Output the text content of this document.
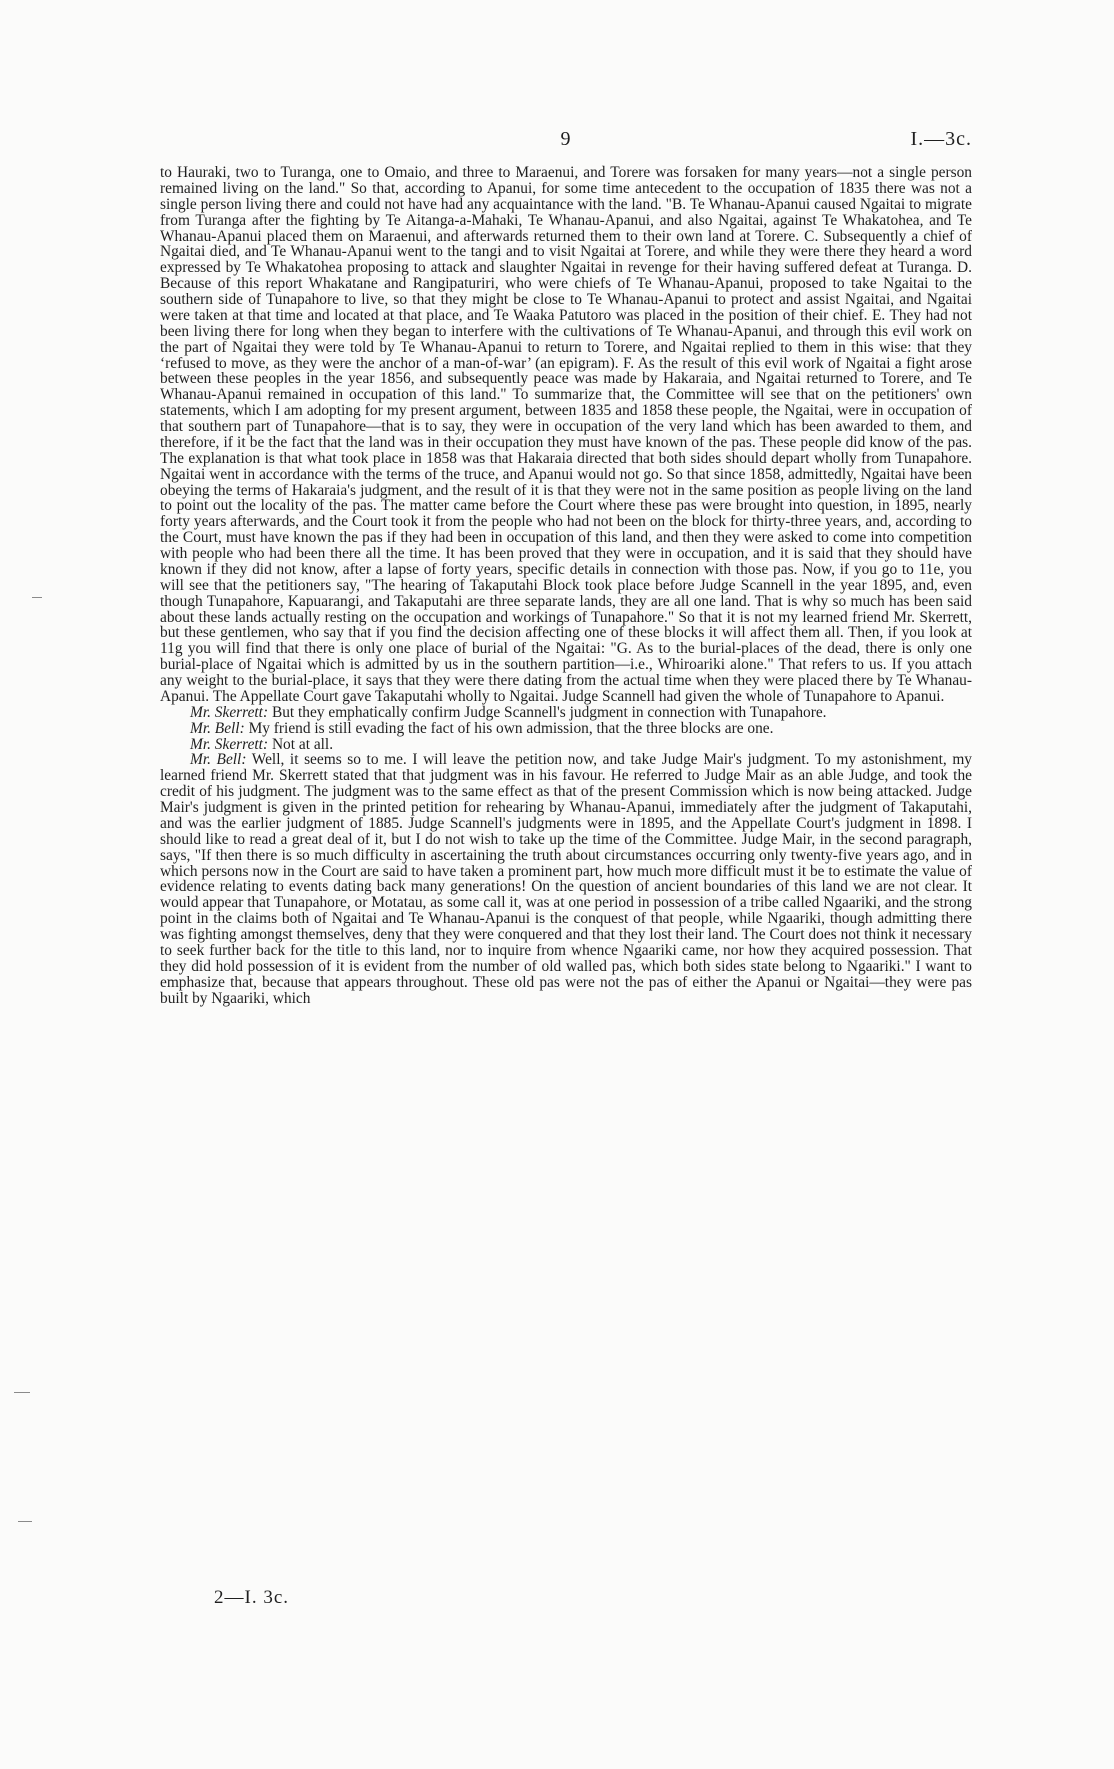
9	I.—3c.

to Hauraki, two to Turanga, one to Omaio, and three to Maraenui, and Torere was forsaken for many years—not a single person remained living on the land." So that, according to Apanui, for some time antecedent to the occupation of 1835 there was not a single person living there and could not have had any acquaintance with the land. "B. Te Whanau-Apanui caused Ngaitai to migrate from Turanga after the fighting by Te Aitanga-a-Mahaki, Te Whanau-Apanui, and also Ngaitai, against Te Whakatohea, and Te Whanau-Apanui placed them on Maraenui, and afterwards returned them to their own land at Torere. C. Subsequently a chief of Ngaitai died, and Te Whanau-Apanui went to the tangi and to visit Ngaitai at Torere, and while they were there they heard a word expressed by Te Whakatohea proposing to attack and slaughter Ngaitai in revenge for their having suffered defeat at Turanga. D. Because of this report Whakatane and Rangipaturiri, who were chiefs of Te Whanau-Apanui, proposed to take Ngaitai to the southern side of Tunapahore to live, so that they might be close to Te Whanau-Apanui to protect and assist Ngaitai, and Ngaitai were taken at that time and located at that place, and Te Waaka Patutoro was placed in the position of their chief. E. They had not been living there for long when they began to interfere with the cultivations of Te Whanau-Apanui, and through this evil work on the part of Ngaitai they were told by Te Whanau-Apanui to return to Torere, and Ngaitai replied to them in this wise: that they ‘refused to move, as they were the anchor of a man-of-war’ (an epigram). F. As the result of this evil work of Ngaitai a fight arose between these peoples in the year 1856, and subsequently peace was made by Hakaraia, and Ngaitai returned to Torere, and Te Whanau-Apanui remained in occupation of this land." To summarize that, the Committee will see that on the petitioners' own statements, which I am adopting for my present argument, between 1835 and 1858 these people, the Ngaitai, were in occupation of that southern part of Tunapahore—that is to say, they were in occupation of the very land which has been awarded to them, and therefore, if it be the fact that the land was in their occupation they must have known of the pas. These people did know of the pas. The explanation is that what took place in 1858 was that Hakaraia directed that both sides should depart wholly from Tunapahore. Ngaitai went in accordance with the terms of the truce, and Apanui would not go. So that since 1858, admittedly, Ngaitai have been obeying the terms of Hakaraia's judgment, and the result of it is that they were not in the same position as people living on the land to point out the locality of the pas. The matter came before the Court where these pas were brought into question, in 1895, nearly forty years afterwards, and the Court took it from the people who had not been on the block for thirty-three years, and, according to the Court, must have known the pas if they had been in occupation of this land, and then they were asked to come into competition with people who had been there all the time. It has been proved that they were in occupation, and it is said that they should have known if they did not know, after a lapse of forty years, specific details in connection with those pas. Now, if you go to 11e, you will see that the petitioners say, "The hearing of Takaputahi Block took place before Judge Scannell in the year 1895, and, even though Tunapahore, Kapuarangi, and Takaputahi are three separate lands, they are all one land. That is why so much has been said about these lands actually resting on the occupation and workings of Tunapahore." So that it is not my learned friend Mr. Skerrett, but these gentlemen, who say that if you find the decision affecting one of these blocks it will affect them all. Then, if you look at 11g you will find that there is only one place of burial of the Ngaitai: "G. As to the burial-places of the dead, there is only one burial-place of Ngaitai which is admitted by us in the southern partition—i.e., Whiroariki alone." That refers to us. If you attach any weight to the burial-place, it says that they were there dating from the actual time when they were placed there by Te Whanau-Apanui. The Appellate Court gave Takaputahi wholly to Ngaitai. Judge Scannell had given the whole of Tunapahore to Apanui.

Mr. Skerrett: But they emphatically confirm Judge Scannell's judgment in connection with Tunapahore.

Mr. Bell: My friend is still evading the fact of his own admission, that the three blocks are one.

Mr. Skerrett: Not at all.

Mr. Bell: Well, it seems so to me. I will leave the petition now, and take Judge Mair's judgment. To my astonishment, my learned friend Mr. Skerrett stated that that judgment was in his favour. He referred to Judge Mair as an able Judge, and took the credit of his judgment. The judgment was to the same effect as that of the present Commission which is now being attacked. Judge Mair's judgment is given in the printed petition for rehearing by Whanau-Apanui, immediately after the judgment of Takaputahi, and was the earlier judgment of 1885. Judge Scannell's judgments were in 1895, and the Appellate Court's judgment in 1898. I should like to read a great deal of it, but I do not wish to take up the time of the Committee. Judge Mair, in the second paragraph, says, "If then there is so much difficulty in ascertaining the truth about circumstances occurring only twenty-five years ago, and in which persons now in the Court are said to have taken a prominent part, how much more difficult must it be to estimate the value of evidence relating to events dating back many generations! On the question of ancient boundaries of this land we are not clear. It would appear that Tunapahore, or Motatau, as some call it, was at one period in possession of a tribe called Ngaariki, and the strong point in the claims both of Ngaitai and Te Whanau-Apanui is the conquest of that people, while Ngaariki, though admitting there was fighting amongst themselves, deny that they were conquered and that they lost their land. The Court does not think it necessary to seek further back for the title to this land, nor to inquire from whence Ngaariki came, nor how they acquired possession. That they did hold possession of it is evident from the number of old walled pas, which both sides state belong to Ngaariki." I want to emphasize that, because that appears throughout. These old pas were not the pas of either the Apanui or Ngaitai—they were pas built by Ngaariki, which

2—I. 3c.
